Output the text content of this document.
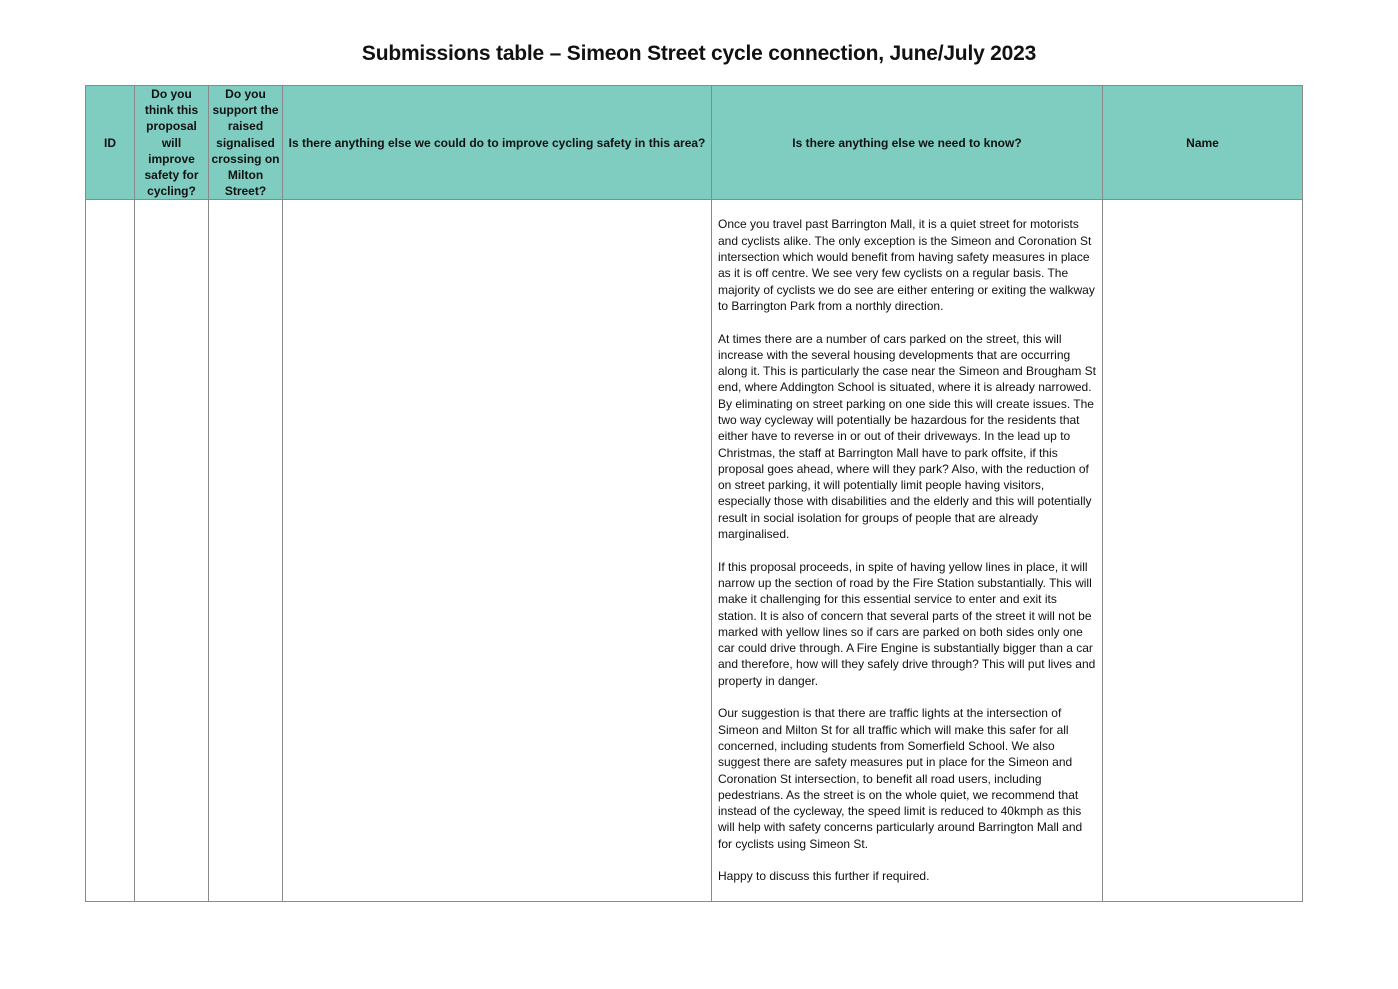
Submissions table – Simeon Street cycle connection, June/July 2023
ID	Do you think this proposal will improve safety for cycling?	Do you support the raised signalised crossing on Milton Street?	Is there anything else we could do to improve cycling safety in this area?	Is there anything else we need to know?	Name

				Once you travel past Barrington Mall, it is a quiet street for motorists and cyclists alike. The only exception is the Simeon and Coronation St intersection which would benefit from having safety measures in place as it is off centre. We see very few cyclists on a regular basis. The majority of cyclists we do see are either entering or exiting the walkway to Barrington Park from a northly direction.

At times there are a number of cars parked on the street, this will increase with the several housing developments that are occurring along it. This is particularly the case near the Simeon and Brougham St end, where Addington School is situated, where it is already narrowed. By eliminating on street parking on one side this will create issues. The two way cycleway will potentially be hazardous for the residents that either have to reverse in or out of their driveways. In the lead up to Christmas, the staff at Barrington Mall have to park offsite, if this proposal goes ahead, where will they park? Also, with the reduction of on street parking, it will potentially limit people having visitors, especially those with disabilities and the elderly and this will potentially result in social isolation for groups of people that are already marginalised.

If this proposal proceeds, in spite of having yellow lines in place, it will narrow up the section of road by the Fire Station substantially. This will make it challenging for this essential service to enter and exit its station. It is also of concern that several parts of the street it will not be marked with yellow lines so if cars are parked on both sides only one car could drive through. A Fire Engine is substantially bigger than a car and therefore, how will they safely drive through? This will put lives and property in danger.

Our suggestion is that there are traffic lights at the intersection of Simeon and Milton St for all traffic which will make this safer for all concerned, including students from Somerfield School. We also suggest there are safety measures put in place for the Simeon and Coronation St intersection, to benefit all road users, including pedestrians. As the street is on the whole quiet, we recommend that instead of the cycleway, the speed limit is reduced to 40kmph as this will help with safety concerns particularly around Barrington Mall and for cyclists using Simeon St.

Happy to discuss this further if required.	
